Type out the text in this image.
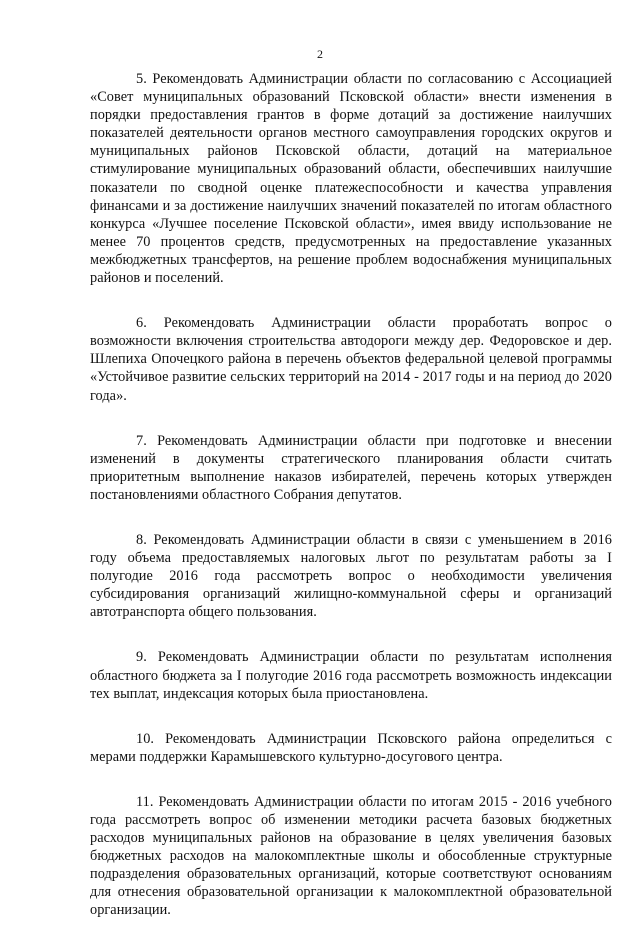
2

5. Рекомендовать Администрации области по согласованию с Ассоциацией «Совет муниципальных образований Псковской области» внести изменения в порядки предоставления грантов в форме дотаций за достижение наилучших показателей деятельности органов местного самоуправления городских округов и муниципальных районов Псковской области, дотаций на материальное стимулирование муниципальных образований области, обеспечивших наилучшие показатели по сводной оценке платежеспособности и качества управления финансами и за достижение наилучших значений показателей по итогам областного конкурса «Лучшее поселение Псковской области», имея ввиду использование не менее 70 процентов средств, предусмотренных на предоставление указанных межбюджетных трансфертов, на решение проблем водоснабжения муниципальных районов и поселений.

6. Рекомендовать Администрации области проработать вопрос о возможности включения строительства автодороги между дер. Федоровское и дер. Шлепиха Опочецкого района в перечень объектов федеральной целевой программы «Устойчивое развитие сельских территорий на 2014 - 2017 годы и на период до 2020 года».

7. Рекомендовать Администрации области при подготовке и внесении изменений в документы стратегического планирования области считать приоритетным выполнение наказов избирателей, перечень которых утвержден постановлениями областного Собрания депутатов.

8. Рекомендовать Администрации области в связи с уменьшением в 2016 году объема предоставляемых налоговых льгот по результатам работы за I полугодие 2016 года рассмотреть вопрос о необходимости увеличения субсидирования организаций жилищно-коммунальной сферы и организаций автотранспорта общего пользования.

9. Рекомендовать Администрации области по результатам исполнения областного бюджета за I полугодие 2016 года рассмотреть возможность индексации тех выплат, индексация которых была приостановлена.

10. Рекомендовать Администрации Псковского района определиться с мерами поддержки Карамышевского культурно-досугового центра.

11. Рекомендовать Администрации области по итогам 2015 - 2016 учебного года рассмотреть вопрос об изменении методики расчета базовых бюджетных расходов муниципальных районов на образование в целях увеличения базовых бюджетных расходов на малокомплектные школы и обособленные структурные подразделения образовательных организаций, которые соответствуют основаниям для отнесения образовательной организации к малокомплектной образовательной организации.
